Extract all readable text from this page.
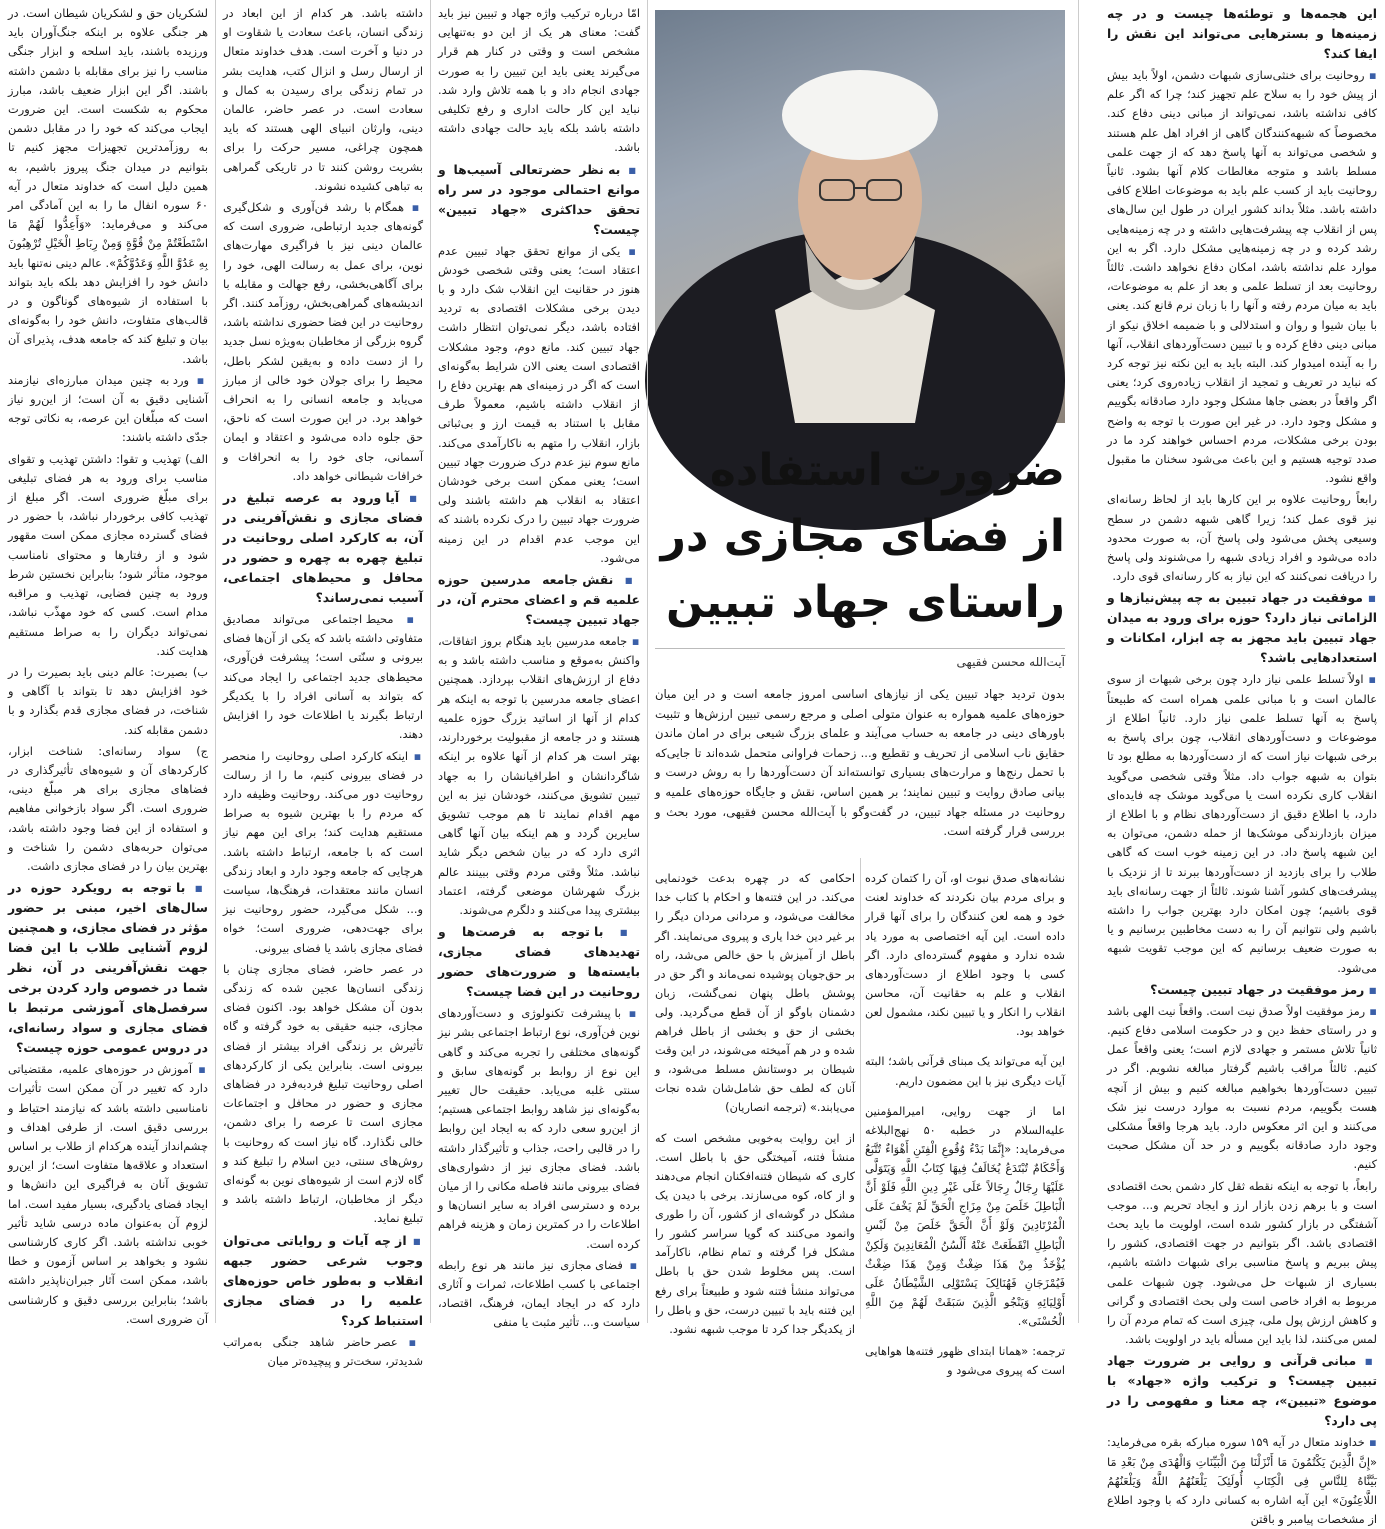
این هجمه‌ها و توطئه‌ها چیست و در چه زمینه‌ها و بسترهایی می‌تواند این نقش را ایفا کند؟

▪ روحانیت برای خنثی‌سازی شبهات دشمن، اولاً باید بیش از پیش خود را به سلاح علم تجهیز کند؛ چرا که اگر علم کافی نداشته باشد، نمی‌تواند از مبانی دینی دفاع کند. مخصوصاً که شبهه‌کنندگان گاهی از افراد اهل علم هستند و شخصی می‌تواند به آنها پاسخ دهد که از جهت علمی مسلط باشد و متوجه مغالطات کلام آنها بشود. ثانیاً روحانیت باید از کسب علم باید به موضوعات اطلاع کافی داشته باشد. مثلاً بداند کشور ایران در طول این سال‌های پس از انقلاب چه پیشرفت‌هایی داشته و در چه زمینه‌هایی رشد کرده و در چه زمینه‌هایی مشکل دارد. اگر به این موارد علم نداشته باشد، امکان دفاع نخواهد داشت. ثالثاً روحانیت بعد از تسلط علمی و بعد از علم به موضوعات، باید به میان مردم رفته و آنها را با زبان نرم قانع کند. یعنی با بیان شیوا و روان و استدلالی و با ضمیمه اخلاق نیکو از مبانی دینی دفاع کرده و با تبیین دست‌آوردهای انقلاب، آنها را به آینده امیدوار کند. البته باید به این نکته نیز توجه کرد که نباید در تعریف و تمجید از انقلاب زیاده‌روی کرد؛ یعنی اگر واقعاً در بعضی جاها مشکل وجود دارد صادقانه بگوییم و مشکل وجود دارد. در غیر این صورت با توجه به واضح بودن برخی مشکلات، مردم احساس خواهند کرد ما در صدد توجیه هستیم و این باعث می‌شود سخنان ما مقبول واقع نشود.

رابعاً روحانیت علاوه بر این کارها باید از لحاظ رسانه‌ای نیز قوی عمل کند؛ زیرا گاهی شبهه دشمن در سطح وسیعی پخش می‌شود ولی پاسخ آن، به صورت محدود داده می‌شود و افراد زیادی شبهه را می‌شنوند ولی پاسخ را دریافت نمی‌کنند که این نیاز به کار رسانه‌ای قوی دارد.

▪ موفقیت در جهاد تبیین به چه پیش‌نیازها و الزاماتی نیاز دارد؟ حوزه برای ورود به میدان جهاد تبیین باید مجهز به چه ابزار، امکانات و استعدادهایی باشد؟

▪ اولاً تسلط علمی نیاز دارد چون برخی شبهات از سوی عالمان است و با مبانی علمی همراه است که طبیعتاً پاسخ به آنها تسلط علمی نیاز دارد. ثانیاً اطلاع از موضوعات و دست‌آوردهای انقلاب، چون برای پاسخ به برخی شبهات نیاز است که از دست‌آوردها به مطلع بود تا بتوان به شبهه جواب داد. مثلاً وقتی شخصی می‌گوید انقلاب کاری نکرده است یا می‌گوید موشک چه فایده‌ای دارد، با اطلاع دقیق از دست‌آوردهای نظام و با اطلاع از میزان بازدارندگی موشک‌ها از حمله دشمن، می‌توان به این شبهه پاسخ داد. در این زمینه خوب است که گاهی طلاب را برای بازدید از دست‌آوردها ببرند تا از نزدیک با پیشرفت‌های کشور آشنا شوند. ثالثاً از جهت رسانه‌ای باید قوی باشیم؛ چون امکان دارد بهترین جواب را داشته باشیم ولی نتوانیم آن را به دست مخاطبین برسانیم و یا به صورت ضعیف برسانیم که این موجب تقویت شبهه می‌شود.

▪ رمز موفقیت در جهاد تبیین چیست؟

▪ رمز موفقیت اولاً صدق نیت است. واقعاً نیت الهی باشد و در راستای حفظ دین و در حکومت اسلامی دفاع کنیم. ثانیاً تلاش مستمر و جهادی لازم است؛ یعنی واقعاً عمل کنیم. ثالثاً مراقب باشیم گرفتار مبالغه نشویم. اگر در تبیین دست‌آوردها بخواهیم مبالغه کنیم و بیش از آنچه هست بگوییم، مردم نسبت به موارد درست نیز شک می‌کنند و این اثر معکوس دارد. باید هرجا واقعاً مشکلی وجود دارد صادقانه بگوییم و در حد آن مشکل صحبت کنیم.

رابعاً، با توجه به اینکه نقطه ثقل کار دشمن بحث اقتصادی است و با برهم زدن بازار ارز و ایجاد تحریم و... موجب آشفتگی در بازار کشور شده است، اولویت ما باید بحث اقتصادی باشد. اگر بتوانیم در جهت اقتصادی، کشور را پیش ببریم و پاسخ مناسبی برای شبهات داشته باشیم، بسیاری از شبهات حل می‌شود. چون شبهات علمی مربوط به افراد خاصی است ولی بحث اقتصادی و گرانی و کاهش ارزش پول ملی، چیزی است که تمام مردم آن را لمس می‌کنند، لذا باید این مسأله باید در اولویت باشد.

▪ مبانی قرآنی و روایی بر ضرورت جهاد تبیین چیست؟ و ترکیب واژه «جهاد» با موضوع «تبیین»، چه معنا و مفهومی را در پی دارد؟

▪ خداوند متعال در آیه ۱۵۹ سوره مبارکه بقره می‌فرماید: «إِنَّ الَّذِینَ یَکْتُمُونَ مَا أَنْزَلْنَا مِنَ الْبَیِّنَاتِ وَالْهُدَی مِنْ بَعْدِ مَا بَیَّنَّاهُ لِلنَّاسِ فِی الْکِتَابِ أُولَئِکَ یَلْعَنُهُمُ اللَّهُ وَیَلْعَنُهُمُ اللَّاعِنُونَ» این آیه اشاره به کسانی دارد که با وجود اطلاع از مشخصات پیامبر و باقتن

ضرورت استفاده از فضای مجازی در راستای جهاد تبیین
آیت‌الله محسن فقیهی
بدون تردید جهاد تبیین یکی از نیازهای اساسی امروز جامعه است و در این میان حوزه‌های علمیه همواره به عنوان متولی اصلی و مرجع رسمی تبیین ارزش‌ها و تثبیت باورهای دینی در جامعه به حساب می‌آیند و علمای بزرگ شیعی برای در امان ماندن حقایق ناب اسلامی از تحریف و تقطیع و... زحمات فراوانی متحمل شده‌اند تا جایی‌که با تحمل رنج‌ها و مرارت‌های بسیاری توانسته‌اند آن دست‌آوردها را به روش درست و بیانی صادق روایت و تبیین نمایند؛ بر همین اساس، نقش و جایگاه حوزه‌های علمیه و روحانیت در مسئله جهاد تبیین، در گفت‌وگو با آیت‌الله محسن فقیهی، مورد بحث و بررسی قرار گرفته است.

نشانه‌های صدق نبوت او، آن را کتمان کرده و برای مردم بیان نکردند که خداوند لعنت خود و همه لعن کنندگان را برای آنها قرار داده است. این آیه اختصاصی به مورد یاد شده ندارد و مفهوم گسترده‌ای دارد. اگر کسی با وجود اطلاع از دست‌آوردهای انقلاب و علم به حقانیت آن، محاسن انقلاب را انکار و یا تبیین نکند، مشمول لعن خواهد بود.

این آیه می‌تواند یک مبنای قرآنی باشد؛ البته آیات دیگری نیز با این مضمون داریم.

اما از جهت روایی، امیرالمؤمنین علیه‌السلام در خطبه ۵۰ نهج‌البلاغه می‌فرماید: «إِنَّمَا بَدْءُ وُقُوعِ الْفِتَنِ أَهْوَاءٌ تُتَّبَعُ وَأَحْکَامٌ تُبْتَدَعُ یُخَالَفُ فِیهَا کِتَابُ اللَّهِ وَیَتَوَلَّی عَلَیْهَا رِجَالٌ رِجَالاً عَلَی غَیْرِ دِینِ اللَّهِ فَلَوْ أَنَّ الْبَاطِلَ خَلَصَ مِنْ مِزَاجِ الْحَقِّ لَمْ یَخْفَ عَلَی الْمُرْتَادِینَ وَلَوْ أَنَّ الْحَقَّ خَلَصَ مِنْ لَبْسِ الْبَاطِلِ انْقَطَعَتْ عَنْهُ أَلْسُنُ الْمُعَانِدِینَ وَلَکِنْ یُؤْخَذُ مِنْ هَذَا ضِغْثٌ وَمِنْ هَذَا ضِغْثٌ فَیُمْزَجَانِ فَهُنَالِکَ یَسْتَوْلِی الشَّیْطَانُ عَلَی أَوْلِیَائِهِ وَیَنْجُو الَّذِینَ سَبَقَتْ لَهُمْ مِنَ اللَّهِ الْحُسْنَی».

ترجمه: «همانا ابتدای ظهور فتنه‌ها هواهایی است که پیروی می‌شود و

احکامی که در چهره بدعت خودنمایی می‌کند. در این فتنه‌ها و احکام با کتاب خدا مخالفت می‌شود، و مردانی مردان دیگر را بر غیر دین خدا یاری و پیروی می‌نمایند. اگر باطل از آمیزش با حق خالص می‌شد، راه بر حق‌جویان پوشیده نمی‌ماند و اگر حق در پوشش باطل پنهان نمی‌گشت، زبان دشمنان باوگو از آن قطع می‌گردید. ولی بخشی از حق و بخشی از باطل فراهم شده و در هم آمیخته می‌شوند، در این وقت شیطان بر دوستانش مسلط می‌شود، و آنان که لطف حق شامل‌شان شده نجات می‌یابند.» (ترجمه انصاریان)

از این روایت به‌خوبی مشخص است که منشأ فتنه، آمیختگی حق با باطل است. کاری که شیطان فتنه‌افکنان انجام می‌دهند و از کاه، کوه می‌سازند. برخی با دیدن یک مشکل در گوشه‌ای از کشور، آن را طوری وانمود می‌کنند که گویا سراسر کشور را مشکل فرا گرفته و تمام نظام، ناکارآمد است. پس مخلوط شدن حق با باطل می‌تواند منشأ فتنه شود و طبیعتاً برای رفع این فتنه باید با تبیین درست، حق و باطل را از یکدیگر جدا کرد تا موجب شبهه نشود.

امّا درباره ترکیب واژه جهاد و تبیین نیز باید گفت: معنای هر یک از این دو به‌تنهایی مشخص است و وقتی در کنار هم قرار می‌گیرند یعنی باید این تبیین را به صورت جهادی انجام داد و با همه تلاش وارد شد. نباید این کار حالت اداری و رفع تکلیفی داشته باشد بلکه باید حالت جهادی داشته باشد.

▪ به نظر حضرتعالی آسیب‌ها و موانع احتمالی موجود در سر راه تحقق حداکثری «جهاد تبیین» چیست؟

▪ یکی از موانع تحقق جهاد تبیین عدم اعتقاد است؛ یعنی وقتی شخصی خودش هنوز در حقانیت این انقلاب شک دارد و با دیدن برخی مشکلات اقتصادی به تردید افتاده باشد، دیگر نمی‌توان انتظار داشت جهاد تبیین کند. مانع دوم، وجود مشکلات اقتصادی است یعنی الان شرایط به‌گونه‌ای است که اگر در زمینه‌ای هم بهترین دفاع را از انقلاب داشته باشیم، معمولاً طرف مقابل با استناد به قیمت ارز و بی‌ثباتی بازار، انقلاب را متهم به ناکارآمدی می‌کند. مانع سوم نیز عدم درک ضرورت جهاد تبیین است؛ یعنی ممکن است برخی خودشان اعتقاد به انقلاب هم داشته باشند ولی ضرورت جهاد تبیین را درک نکرده باشند که این موجب عدم اقدام در این زمینه می‌شود.

▪ نقش جامعه مدرسین حوزه علمیه قم و اعضای محترم آن، در جهاد تبیین چیست؟

▪ جامعه مدرسین باید هنگام بروز اتفاقات، واکنش به‌موقع و مناسب داشته باشد و به دفاع از ارزش‌های انقلاب بپردازد. همچنین اعضای جامعه مدرسین با توجه به اینکه هر کدام از آنها از اساتید بزرگ حوزه علمیه هستند و در جامعه از مقبولیت برخوردارند، بهتر است هر کدام از آنها علاوه بر اینکه شاگردانشان و اطرافیانشان را به جهاد تبیین تشویق می‌کنند، خودشان نیز به این مهم اقدام نمایند تا هم موجب تشویق سایرین گردد و هم اینکه بیان آنها گاهی اثری دارد که در بیان شخص دیگر شاید نباشد. مثلاً وقتی مردم وقتی ببینند عالم بزرگ شهرشان موضعی گرفته، اعتماد بیشتری پیدا می‌کنند و دلگرم می‌شوند.

▪ با توجه به فرصت‌ها و تهدیدهای فضای مجازی، بایسته‌ها و ضرورت‌های حضور روحانیت در این فضا چیست؟

▪ با پیشرفت تکنولوژی و دست‌آوردهای نوین فن‌آوری، نوع ارتباط اجتماعی بشر نیز گونه‌های مختلفی را تجربه می‌کند و گاهی این نوع از روابط بر گونه‌های سابق و سنتی غلبه می‌یابد. حقیقت حال تغییر به‌گونه‌ای نیز شاهد روابط اجتماعی هستیم؛ از این‌رو سعی دارد که به ایجاد این روابط را در قالبی راحت، جذاب و تأثیرگذار داشته باشد. فضای مجازی نیز از دشواری‌های فضای بیرونی مانند فاصله مکانی را از میان برده و دسترسی افراد به سایر انسان‌ها و اطلاعات را در کمترین زمان و هزینه فراهم کرده است.

▪ فضای مجازی نیز مانند هر نوع رابطه اجتماعی با کسب اطلاعات، ثمرات و آثاری دارد که در ایجاد ایمان، فرهنگ، اقتصاد، سیاست و... تأثیر مثبت یا منفی

داشته باشد. هر کدام از این ابعاد در زندگی انسان، باعث سعادت یا شقاوت او در دنیا و آخرت است. هدف خداوند متعال از ارسال رسل و انزال کتب، هدایت بشر در تمام زندگی برای رسیدن به کمال و سعادت است. در عصر حاضر، عالمان دینی، وارثان انبیای الهی هستند که باید همچون چراغی، مسیر حرکت را برای بشریت روشن کنند تا در تاریکی گمراهی به تباهی کشیده نشوند.

▪ همگام با رشد فن‌آوری و شکل‌گیری گونه‌های جدید ارتباطی، ضروری است که عالمان دینی نیز با فراگیری مهارت‌های نوین، برای عمل به رسالت الهی، خود را برای آگاهی‌بخشی، رفع جهالت و مقابله با اندیشه‌های گمراهی‌بخش، روزآمد کنند. اگر روحانیت در این فضا حضوری نداشته باشد، گروه بزرگی از مخاطبان به‌ویژه نسل جدید را از دست داده و به‌یقین لشکر باطل، محیط را برای جولان خود خالی از مبارز می‌یابد و جامعه انسانی را به انحراف خواهد برد. در این صورت است که ناحق، حق جلوه داده می‌شود و اعتقاد و ایمان آسمانی، جای خود را به انحرافات و خرافات شیطانی خواهد داد.

▪ آیا ورود به عرصه تبلیغ در فضای مجازی و نقش‌آفرینی در آن، به کارکرد اصلی روحانیت در تبلیغ چهره به چهره و حضور در محافل و محیط‌های اجتماعی، آسیب نمی‌رساند؟

▪ محیط اجتماعی می‌تواند مصادیق متفاوتی داشته باشد که یکی از آن‌ها فضای بیرونی و سنّتی است؛ پیشرفت فن‌آوری، محیط‌های جدید اجتماعی را ایجاد می‌کند که بتواند به آسانی افراد را با یکدیگر ارتباط بگیرند یا اطلاعات خود را افزایش دهند.

▪ اینکه کارکرد اصلی روحانیت را منحصر در فضای بیرونی کنیم، ما را از رسالت روحانیت دور می‌کند. روحانیت وظیفه دارد که مردم را با بهترین شیوه به صراط مستقیم هدایت کند؛ برای این مهم نیاز است که با جامعه، ارتباط داشته باشد. هرچایی که جامعه وجود دارد و ابعاد زندگی انسان مانند معتقدات، فرهنگ‌ها، سیاست و... شکل می‌گیرد، حضور روحانیت نیز برای جهت‌دهی، ضروری است؛ خواه فضای مجازی باشد یا فضای بیرونی.

در عصر حاضر، فضای مجازی چنان با زندگی انسان‌ها عجین شده که زندگی بدون آن مشکل خواهد بود. اکنون فضای مجازی، جنبه حقیقی به خود گرفته و گاه تأثیرش بر زندگی افراد بیشتر از فضای بیرونی است. بنابراین یکی از کارکردهای اصلی روحانیت تبلیغ فردبه‌فرد در فضاهای مجازی و حضور در محافل و اجتماعات مجازی است تا عرصه را برای دشمن، خالی نگذارد. گاه نیاز است که روحانیت با روش‌های سنتی، دین اسلام را تبلیغ کند و گاه لازم است از شیوه‌های نوین به گونه‌ای دیگر از مخاطبان، ارتباط داشته باشد و تبلیغ نماید.

▪ از چه آیات و روایاتی می‌توان وجوب شرعی حضور جبهه انقلاب و به‌طور خاص حوزه‌های علمیه را در فضای مجازی استنباط کرد؟

▪ عصر حاضر شاهد جنگی به‌مراتب شدیدتر، سخت‌تر و پیچیده‌تر میان

لشکریان حق و لشکریان شیطان است. در هر جنگی علاوه بر اینکه جنگ‌آوران باید ورزیده باشند، باید اسلحه و ابزار جنگی مناسب را نیز برای مقابله با دشمن داشته باشند. اگر این ابزار ضعیف باشد، مبارز محکوم به شکست است. این ضرورت ایجاب می‌کند که خود را در مقابل دشمن به روزآمدترین تجهیزات مجهز کنیم تا بتوانیم در میدان جنگ پیروز باشیم، به همین دلیل است که خداوند متعال در آیه ۶۰ سوره انفال ما را به این آمادگی امر می‌کند و می‌فرماید: «وَأَعِدُّوا لَهُمْ مَا اسْتَطَعْتُمْ مِنْ قُوَّةٍ وَمِنْ رِبَاطِ الْخَیْلِ تُرْهِبُونَ بِهِ عَدُوَّ اللَّهِ وَعَدُوَّکُمْ». عالم دینی نه‌تنها باید دانش خود را افزایش دهد بلکه باید بتواند با استفاده از شیوه‌های گوناگون و در قالب‌های متفاوت، دانش خود را به‌گونه‌ای بیان و تبلیغ کند که جامعه هدف، پذیرای آن باشد.

▪ ورد به چنین میدان مبارزه‌ای نیازمند آشنایی دقیق به آن است؛ از این‌رو نیاز است که مبلّغان این عرصه، به نکاتی توجه جدّی داشته باشند:

الف) تهذیب و تقوا: داشتن تهذیب و تقوای مناسب برای ورود به هر فضای تبلیغی برای مبلّغ ضروری است. اگر مبلغ از تهذیب کافی برخوردار نباشد، با حضور در فضای گسترده مجازی ممکن است مقهور شود و از رفتارها و محتوای نامناسب موجود، متأثر شود؛ بنابراین نخستین شرط ورود به چنین فضایی، تهذیب و مراقبه مدام است. کسی که خود مهذّب نباشد، نمی‌تواند دیگران را به صراط مستقیم هدایت کند.

ب) بصیرت: عالم دینی باید بصیرت را در خود افزایش دهد تا بتواند با آگاهی و شناخت، در فضای مجازی قدم بگذارد و با دشمن مقابله کند.

ج) سواد رسانه‌ای: شناخت ابزار، کارکردهای آن و شیوه‌های تأثیرگذاری در فضاهای مجازی برای هر مبلّغ دینی، ضروری است. اگر سواد بازخوانی مفاهیم و استفاده از این فضا وجود داشته باشد، می‌توان حربه‌های دشمن را شناخت و بهترین بیان را در فضای مجازی داشت.

▪ با توجه به رویکرد حوزه در سال‌های اخیر، مبنی بر حضور مؤثر در فضای مجازی، و همچنین لزوم آشنایی طلاب با این فضا جهت نقش‌آفرینی در آن، نظر شما در خصوص وارد کردن برخی سرفصل‌های آموزشی مرتبط با فضای مجازی و سواد رسانه‌ای، در دروس عمومی حوزه چیست؟

▪ آموزش در حوزه‌های علمیه، مقتضیاتی دارد که تغییر در آن ممکن است تأثیرات نامناسبی داشته باشد که نیازمند احتیاط و بررسی دقیق است. از طرفی اهداف و چشم‌انداز آینده هرکدام از طلاب بر اساس استعداد و علاقه‌ها متفاوت است؛ از این‌رو تشویق آنان به فراگیری این دانش‌ها و ایجاد فضای یادگیری، بسیار مفید است. اما لزوم آن به‌عنوان ماده درسی شاید تأثیر خوبی نداشته باشد. اگر کاری کارشناسی نشود و بخواهد بر اساس آزمون و خطا باشد، ممکن است آثار جبران‌ناپذیر داشته باشد؛ بنابراین بررسی دقیق و کارشناسی آن ضروری است.
